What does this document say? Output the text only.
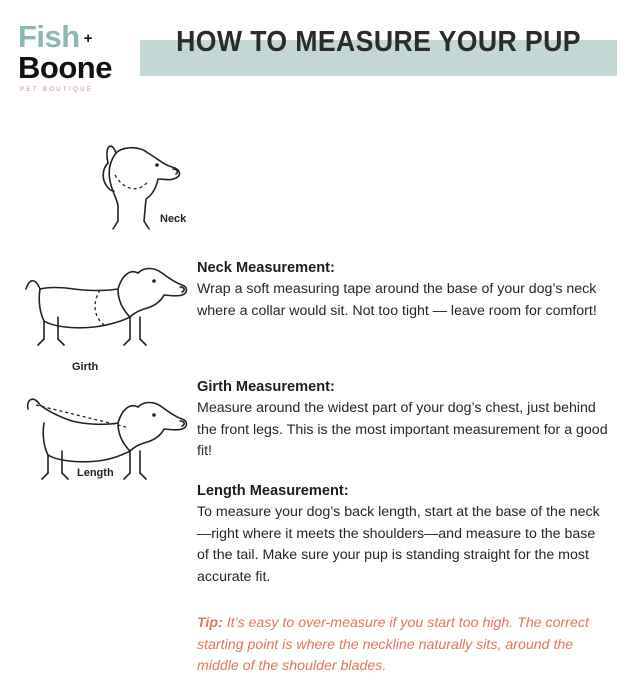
Fish +
Boone
PET BOUTIQUE
HOW TO MEASURE YOUR PUP
Neck
Girth
Length

Neck Measurement:

Wrap a soft measuring tape around the base of your dog’s neck where a collar would sit. Not too tight — leave room for comfort!

Girth Measurement:

Measure around the widest part of your dog’s chest, just behind the front legs. This is the most important measurement for a good fit!

Length Measurement:

To measure your dog’s back length, start at the base of the neck—right where it meets the shoulders—and measure to the base of the tail. Make sure your pup is standing straight for the most accurate fit.

Tip: It’s easy to over-measure if you start too high. The correct starting point is where the neckline naturally sits, around the middle of the shoulder blades.
